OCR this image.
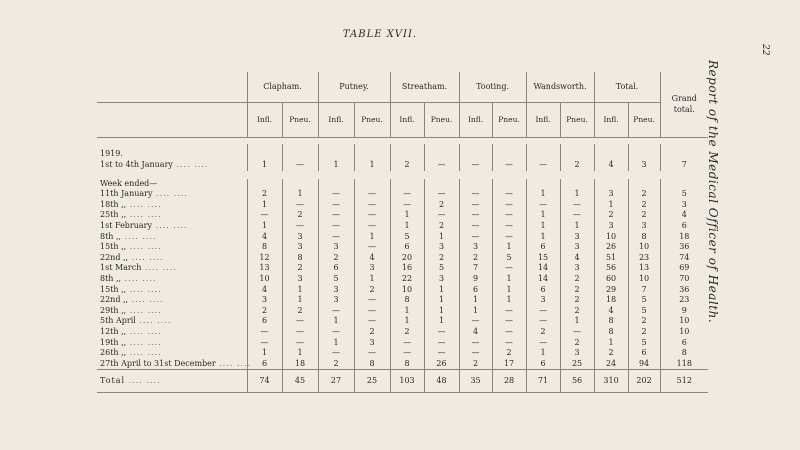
TABLE XVII.
22
Report of the Medical Officer of Health.
	Clapham.		Putney.		Streatham.		Tooting.		Wandsworth.		Total.		Grand total.
	Infl.	Pneu.	Infl.	Pneu.	Infl.	Pneu.	Infl.	Pneu.	Infl.	Pneu.	Infl.	Pneu.	

1919.													
1st to 4th January .... ....	1	—	1	1	2	—	—	—	—	2	4	3	7

Week ended—													
11th January .... ....	2	1	—	—	—	—	—	—	1	1	3	2	5
18th ,, .... ....	1	—	—	—	—	2	—	—	—	—	1	2	3
25th ,, .... ....	—	2	—	—	1	—	—	—	1	—	2	2	4
1st February .... ....	1	—	—	—	1	2	—	—	1	1	3	3	6
8th ,, .... ....	4	3	—	1	5	1	—	—	1	3	10	8	18
15th ,, .... ....	8	3	3	—	6	3	3	1	6	3	26	10	36
22nd ,, .... ....	12	8	2	4	20	2	2	5	15	4	51	23	74
1st March .... ....	13	2	6	3	16	5	7	—	14	3	56	13	69
8th ,, .... ....	10	3	5	1	22	3	9	1	14	2	60	10	70
15th ,, .... ....	4	1	3	2	10	1	6	1	6	2	29	7	36
22nd ,, .... ....	3	1	3	—	8	1	1	1	3	2	18	5	23
29th ,, .... ....	2	2	—	—	1	1	1	—	—	2	4	5	9
5th April .... ....	6	—	1	—	1	1	—	—	—	1	8	2	10
12th ,, .... ....	—	—	—	2	2	—	4	—	2	—	8	2	10
19th ,, .... ....	—	—	1	3	—	—	—	—	—	2	1	5	6
26th ,, .... ....	1	1	—	—	—	—	—	2	1	3	2	6	8
27th April to 31st December .... ....	6	18	2	8	8	26	2	17	6	25	24	94	118
Total .... ....	74	45	27	25	103	48	35	28	71	56	310	202	512
